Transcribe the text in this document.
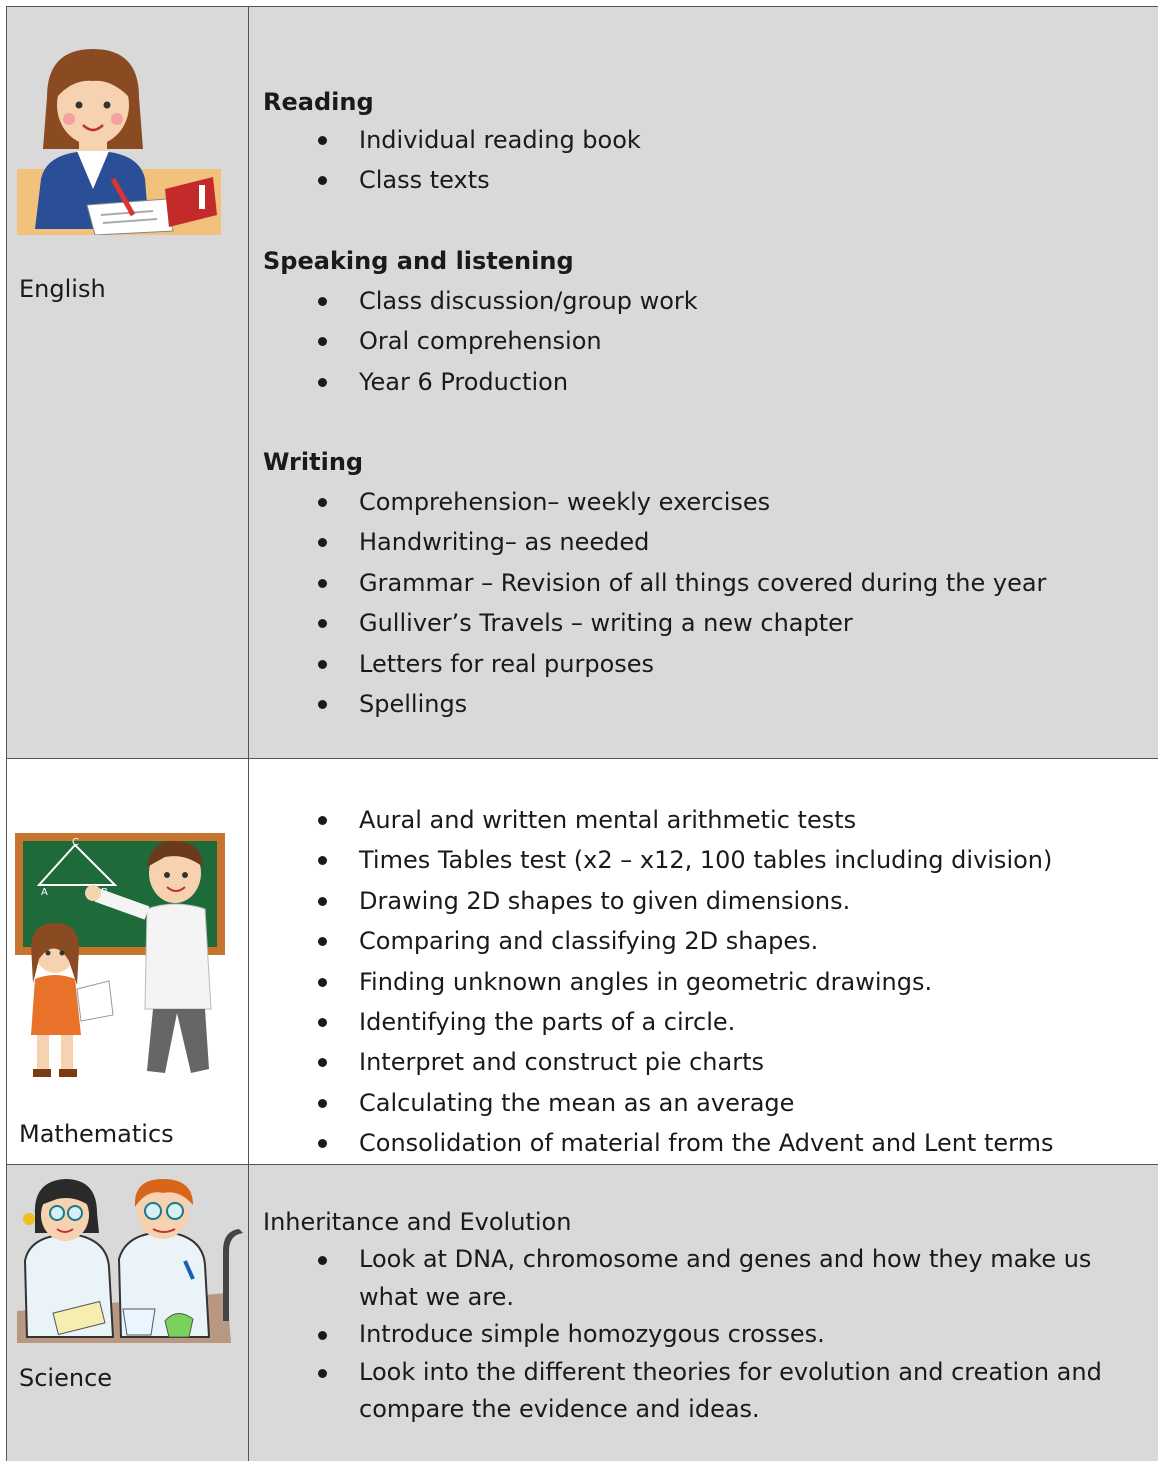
English
Reading
Individual reading book
Class texts
Speaking and listening
Class discussion/group work
Oral comprehension
Year 6 Production
Writing
Comprehension– weekly exercises
Handwriting– as needed
Grammar – Revision of all things covered during the year
Gulliver’s Travels – writing a new chapter
Letters for real purposes
Spellings
C
A
Mathematics
Aural and written mental arithmetic tests
Times Tables test (x2 – x12, 100 tables including division)
Drawing 2D shapes to given dimensions.
Comparing and classifying 2D shapes.
Finding unknown angles in geometric drawings.
Identifying the parts of a circle.
Interpret and construct pie charts
Calculating the mean as an average
Consolidation of material from the Advent and Lent terms
Science
Inheritance and Evolution
Look at DNA, chromosome and genes and how they make us what we are.
Introduce simple homozygous crosses.
Look into the different theories for evolution and creation and compare the evidence and ideas.
